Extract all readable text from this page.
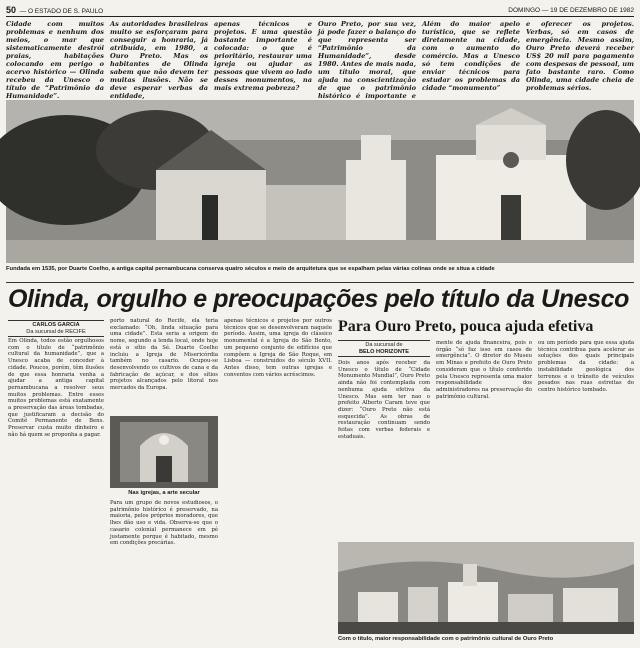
50  — O ESTADO DE S. PAULO	DOMINGO — 19 DE DEZEMBRO DE 1982
Cidade com muitos problemas e nenhum dos meios, o mar que sistematicamente destrói praias, habitações colocando em perigo o acervo histórico — Olinda recebeu da Unesco o título de “Patrimônio da Humanidade”.
As autoridades brasileiras muito se esforçaram para conseguir a honraria, já atribuída, em 1980, a Ouro Preto. Mas os habitantes de Olinda sabem que não devem ter muitas ilusões. Não se deve esperar verbas da entidade,
apenas técnicos e projetos. E uma questão bastante importante é colocada: o que é prioritário, restaurar uma igreja ou ajudar as pessoas que vivem ao lado desses monumentos, na mais extrema pobreza?
Ouro Preto, por sua vez, já pode fazer o balanço do que representa ser “Patrimônio da Humanidade”, desde 1980. Antes de mais nada, um título moral, que ajuda na conscientização de que o patrimônio histórico é importante e
Além do maior apelo turístico, que se reflete diretamente na cidade, com o aumento do comércio. Mas a Unesco só tem condições de enviar técnicos para estudar os problemas da cidade “monumento”
e oferecer os projetos. Verbas, só em casos de emergência. Mesmo assim, Ouro Preto deverá receber US$ 20 mil para pagamento com despesas de pessoal, um fato bastante raro. Como Olinda, uma cidade cheia de problemas sérios.
Fundada em 1535, por Duarte Coelho, a antiga capital pernambucana conserva quatro séculos e meio de arquitetura que se espalham pelas várias colinas onde se situa a cidade
Olinda, orgulho e preocupações pelo título da Unesco
Para Ouro Preto, pouca ajuda efetiva
CARLOS GARCIA
Da sucursal de RECIFE
Da sucursal de
BELO HORIZONTE
Em Olinda, todos estão orgulhosos com o título de “patrimônio cultural da humanidade”, que a Unesco acaba de conceder à cidade. Poucos, porém, têm ilusões de que essa honraria venha a ajudar a antiga capital pernambucana a resolver seus muitos problemas. Entre esses muitos problemas está exatamente a preservação das áreas tombadas, que justificaram a decisão do Comitê Permanente de Bens. Preservar custa muito dinheiro e não há quem se proponha a pagar.
porto natural do Recife, ela teria exclamado: “Oh, linda situação para uma cidade”. Esta seria a origem do nome, segundo a lenda local, onde hoje está o sítio da Sé. Duarte Coelho incluiu a Igreja de Misericórdia também no casario. Ocupou-se desenvolvendo os cultivos de cana e da fabricação de açúcar, e dos sítios projetos alcançados pelo litoral nos mercados da Europa.
apenas técnicos e projetos por outros técnicos que se desenvolveram naquele período. Assim, uma igreja do clássico monumental é a Igreja do São Bento, um pequeno conjunto de edifícios que compõem a Igreja de São Roque, em Lisboa — construídos do século XVII. Antes disso, tem outras igrejas e conventos com vários acréscimos.
Para um grupo de novos estudiosos, o patrimônio histórico é preservado, na maioria, pelos próprios moradores, que lhes dão uso e vida. Observa-se que o casario colonial permanece em pé justamente porque é habitado, mesmo em condições precárias.
Dois anos após receber da Unesco o título de “Cidade Monumento Mundial”, Ouro Preto ainda não foi contemplada com nenhuma ajuda efetiva da Unesco. Mas sem ter nao o prefeito Alberto Caram teve que dizer: “Ouro Preto não está esquecida”. As obras de restauração continuam sendo feitas com verbas federais e estaduais.
mente de ajuda financeira, pois o órgão “só faz isso em casos de emergência”. O diretor do Museu em Minas e prefeito de Ouro Preto consideram que o título conferido pela Unesco representa uma maior responsabilidade dos administradores na preservação do patrimônio cultural.
ou um período para que essa ajuda técnica contribua para acelerar as soluções dos quais principais problemas da cidade: a instabilidade geológica dos terrenos e o trânsito de veículos pesados nas ruas estreitas do centro histórico tombado.
Nas igrejas, a arte secular
Com o título, maior responsabilidade com o patrimônio cultural de Ouro Preto
